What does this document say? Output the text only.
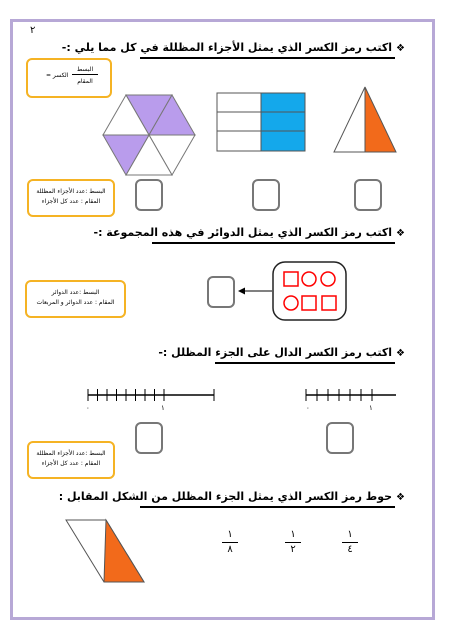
٢
❖اكتب رمز الكسر الذي يمثل الأجزاء المظللة في كل مما يلي :-
البسط
الكسر =
المقام
البسط :عدد الأجزاء المظللة
المقام : عدد كل الأجزاء
❖اكتب رمز الكسر الذي يمثل الدوائر في هذه المجموعة :-
البسط :عدد الدوائر
المقام : عدد الدوائر و المربعات
❖اكتب رمز الكسر الدال على الجزء المظلل :-
٠	١	٠	١
البسط :عدد الأجزاء المظللة
المقام : عدد كل الأجزاء
❖حوط رمز الكسر الذي يمثل الجزء المظلل من الشكل المقابل :
١
٤
١
٢
١
٨
